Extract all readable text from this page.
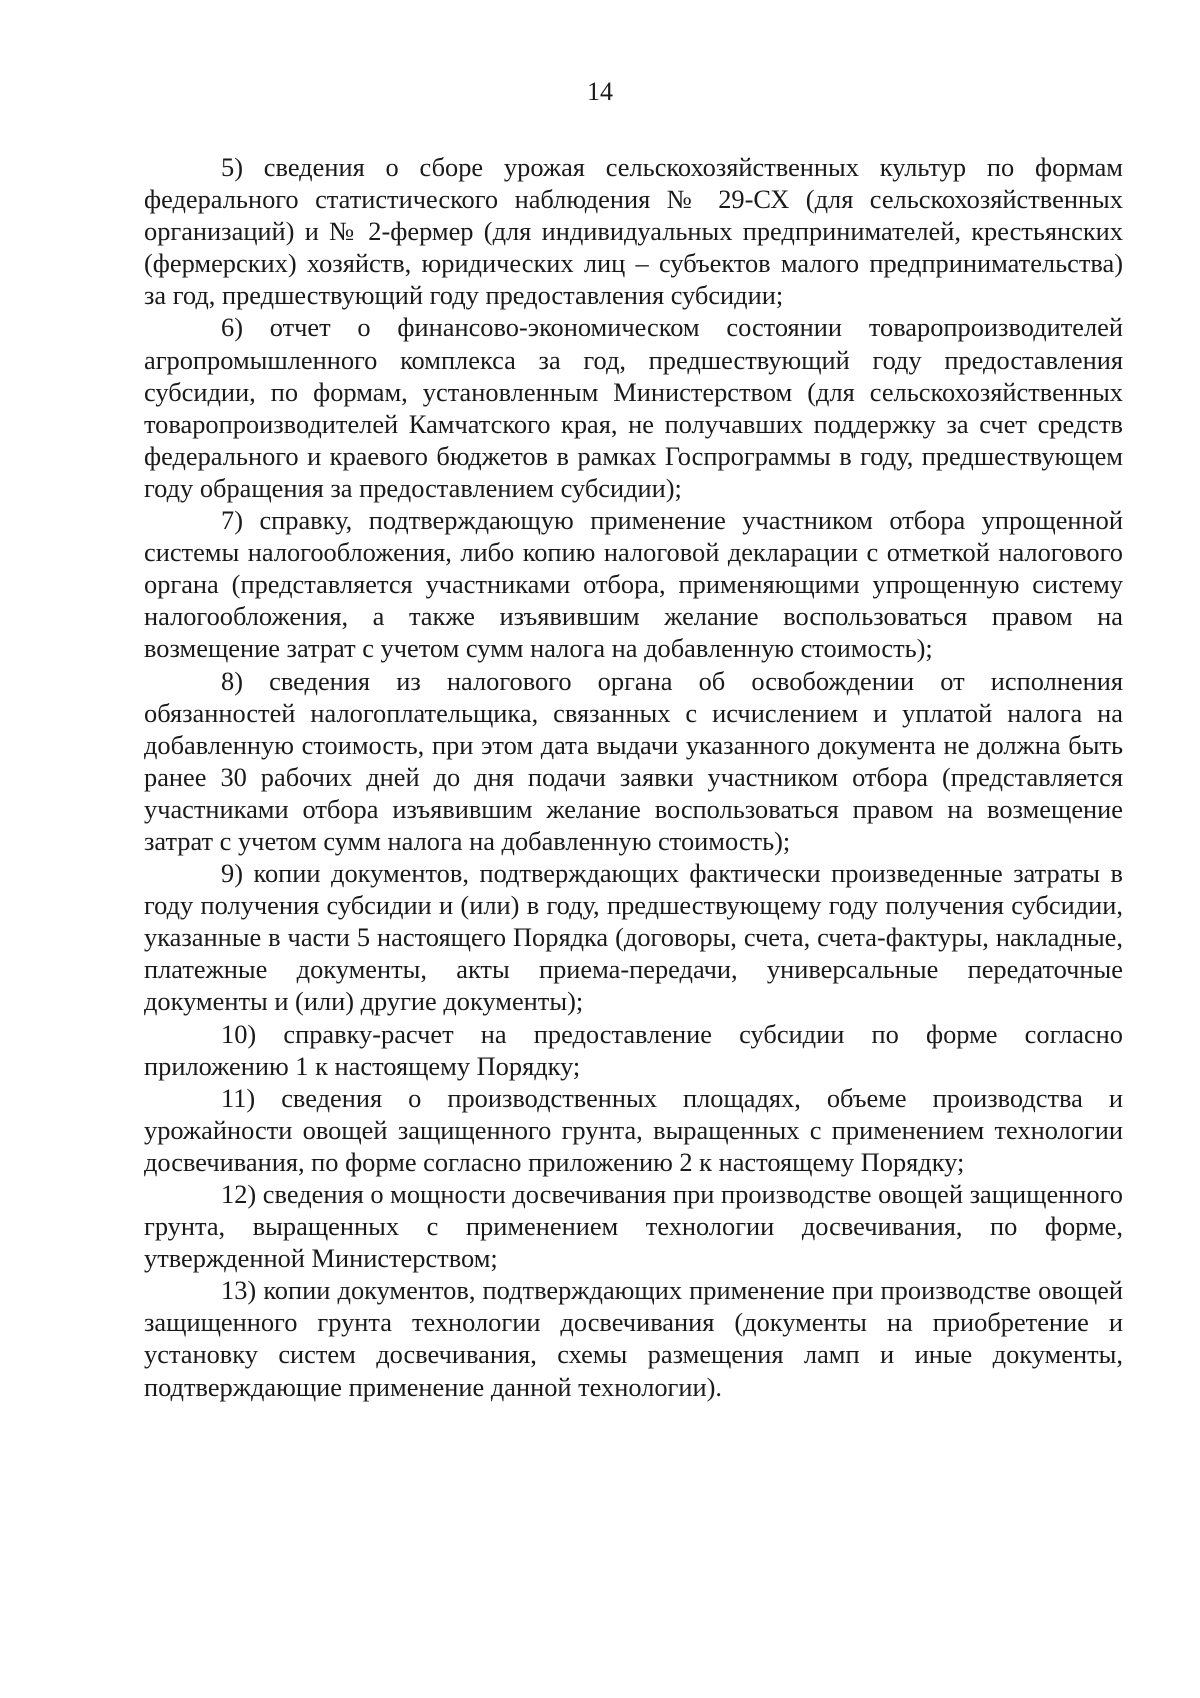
14

5) сведения о сборе урожая сельскохозяйственных культур по формам федерального статистического наблюдения № 29-СХ (для сельскохозяйственных организаций) и № 2-фермер (для индивидуальных предпринимателей, крестьянских (фермерских) хозяйств, юридических лиц – субъектов малого предпринимательства) за год, предшествующий году предоставления субсидии;

6) отчет о финансово-экономическом состоянии товаропроизводителей агропромышленного комплекса за год, предшествующий году предоставления субсидии, по формам, установленным Министерством (для сельскохозяйственных товаропроизводителей Камчатского края, не получавших поддержку за счет средств федерального и краевого бюджетов в рамках Госпрограммы в году, предшествующем году обращения за предоставлением субсидии);

7) справку, подтверждающую применение участником отбора упрощенной системы налогообложения, либо копию налоговой декларации с отметкой налогового органа (представляется участниками отбора, применяющими упрощенную систему налогообложения, а также изъявившим желание воспользоваться правом на возмещение затрат с учетом сумм налога на добавленную стоимость);

8) сведения из налогового органа об освобождении от исполнения обязанностей налогоплательщика, связанных с исчислением и уплатой налога на добавленную стоимость, при этом дата выдачи указанного документа не должна быть ранее 30 рабочих дней до дня подачи заявки участником отбора (представляется участниками отбора изъявившим желание воспользоваться правом на возмещение затрат с учетом сумм налога на добавленную стоимость);

9) копии документов, подтверждающих фактически произведенные затраты в году получения субсидии и (или) в году, предшествующему году получения субсидии, указанные в части 5 настоящего Порядка (договоры, счета, счета-фактуры, накладные, платежные документы, акты приема-передачи, универсальные передаточные документы и (или) другие документы);

10) справку-расчет на предоставление субсидии по форме согласно приложению 1 к настоящему Порядку;

11) сведения о производственных площадях, объеме производства и урожайности овощей защищенного грунта, выращенных с применением технологии досвечивания, по форме согласно приложению 2 к настоящему Порядку;

12) сведения о мощности досвечивания при производстве овощей защищенного грунта, выращенных с применением технологии досвечивания, по форме, утвержденной Министерством;

13) копии документов, подтверждающих применение при производстве овощей защищенного грунта технологии досвечивания (документы на приобретение и установку систем досвечивания, схемы размещения ламп и иные документы, подтверждающие применение данной технологии).
